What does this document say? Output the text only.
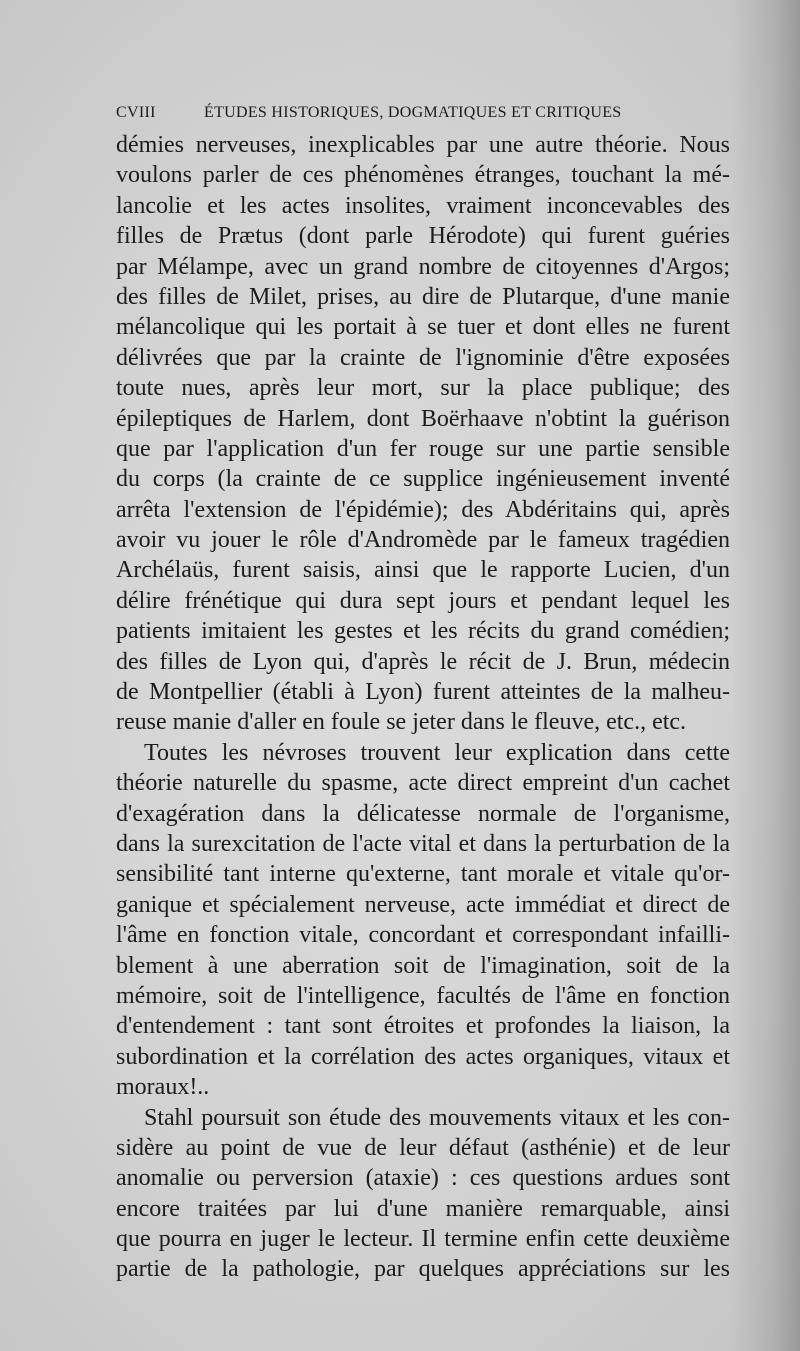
CVIII	ÉTUDES HISTORIQUES, DOGMATIQUES ET CRITIQUES
démies nerveuses, inexplicables par une autre théorie. Nous
voulons parler de ces phénomènes étranges, touchant la mé-
lancolie et les actes insolites, vraiment inconcevables des
filles de Prætus (dont parle Hérodote) qui furent guéries
par Mélampe, avec un grand nombre de citoyennes d'Argos;
des filles de Milet, prises, au dire de Plutarque, d'une manie
mélancolique qui les portait à se tuer et dont elles ne furent
délivrées que par la crainte de l'ignominie d'être exposées
toute nues, après leur mort, sur la place publique; des
épileptiques de Harlem, dont Boërhaave n'obtint la guérison
que par l'application d'un fer rouge sur une partie sensible
du corps (la crainte de ce supplice ingénieusement inventé
arrêta l'extension de l'épidémie); des Abdéritains qui, après
avoir vu jouer le rôle d'Andromède par le fameux tragédien
Archélaüs, furent saisis, ainsi que le rapporte Lucien, d'un
délire frénétique qui dura sept jours et pendant lequel les
patients imitaient les gestes et les récits du grand comédien;
des filles de Lyon qui, d'après le récit de J. Brun, médecin
de Montpellier (établi à Lyon) furent atteintes de la malheu-
reuse manie d'aller en foule se jeter dans le fleuve, etc., etc.
Toutes les névroses trouvent leur explication dans cette
théorie naturelle du spasme, acte direct empreint d'un cachet
d'exagération dans la délicatesse normale de l'organisme,
dans la surexcitation de l'acte vital et dans la perturbation de la
sensibilité tant interne qu'externe, tant morale et vitale qu'or-
ganique et spécialement nerveuse, acte immédiat et direct de
l'âme en fonction vitale, concordant et correspondant infailli-
blement à une aberration soit de l'imagination, soit de la
mémoire, soit de l'intelligence, facultés de l'âme en fonction
d'entendement : tant sont étroites et profondes la liaison, la
subordination et la corrélation des actes organiques, vitaux et
moraux!..
Stahl poursuit son étude des mouvements vitaux et les con-
sidère au point de vue de leur défaut (asthénie) et de leur
anomalie ou perversion (ataxie) : ces questions ardues sont
encore traitées par lui d'une manière remarquable, ainsi
que pourra en juger le lecteur. Il termine enfin cette deuxième
partie de la pathologie, par quelques appréciations sur les
